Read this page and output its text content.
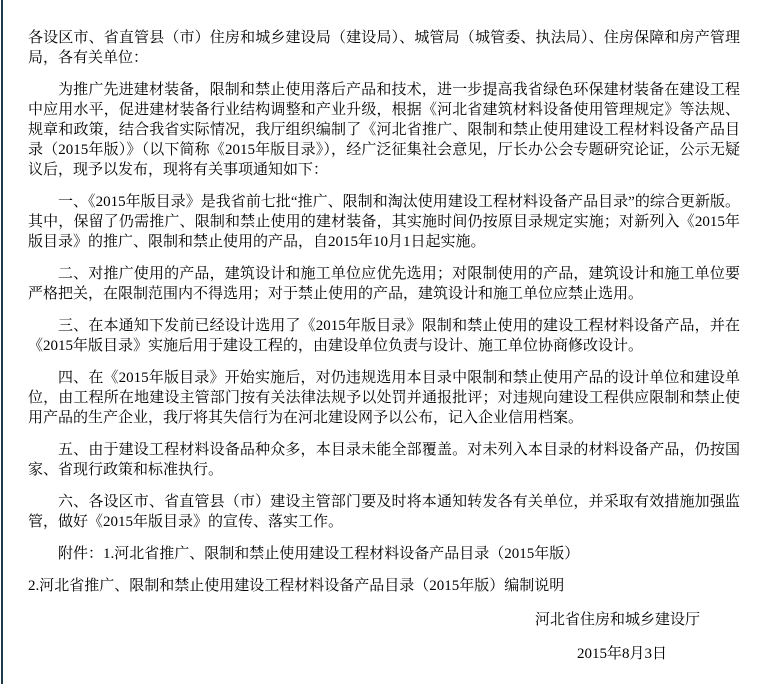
各设区市、省直管县（市）住房和城乡建设局（建设局）、城管局（城管委、执法局）、住房保障和房产管理局，各有关单位：

为推广先进建材装备，限制和禁止使用落后产品和技术，进一步提高我省绿色环保建材装备在建设工程中应用水平，促进建材装备行业结构调整和产业升级，根据《河北省建筑材料设备使用管理规定》等法规、规章和政策，结合我省实际情况，我厅组织编制了《河北省推广、限制和禁止使用建设工程材料设备产品目录（2015年版）》（以下简称《2015年版目录》），经广泛征集社会意见，厅长办公会专题研究论证，公示无疑议后，现予以发布，现将有关事项通知如下：

一、《2015年版目录》是我省前七批“推广、限制和淘汰使用建设工程材料设备产品目录”的综合更新版。其中，保留了仍需推广、限制和禁止使用的建材装备，其实施时间仍按原目录规定实施；对新列入《2015年版目录》的推广、限制和禁止使用的产品，自2015年10月1日起实施。

二、对推广使用的产品，建筑设计和施工单位应优先选用；对限制使用的产品，建筑设计和施工单位要严格把关，在限制范围内不得选用；对于禁止使用的产品，建筑设计和施工单位应禁止选用。

三、在本通知下发前已经设计选用了《2015年版目录》限制和禁止使用的建设工程材料设备产品，并在《2015年版目录》实施后用于建设工程的，由建设单位负责与设计、施工单位协商修改设计。

四、在《2015年版目录》开始实施后，对仍违规选用本目录中限制和禁止使用产品的设计单位和建设单位，由工程所在地建设主管部门按有关法律法规予以处罚并通报批评；对违规向建设工程供应限制和禁止使用产品的生产企业，我厅将其失信行为在河北建设网予以公布，记入企业信用档案。

五、由于建设工程材料设备品种众多，本目录未能全部覆盖。对未列入本目录的材料设备产品，仍按国家、省现行政策和标准执行。

六、各设区市、省直管县（市）建设主管部门要及时将本通知转发各有关单位，并采取有效措施加强监管，做好《2015年版目录》的宣传、落实工作。

附件：1.河北省推广、限制和禁止使用建设工程材料设备产品目录（2015年版）

2.河北省推广、限制和禁止使用建设工程材料设备产品目录（2015年版）编制说明

河北省住房和城乡建设厅

2015年8月3日
